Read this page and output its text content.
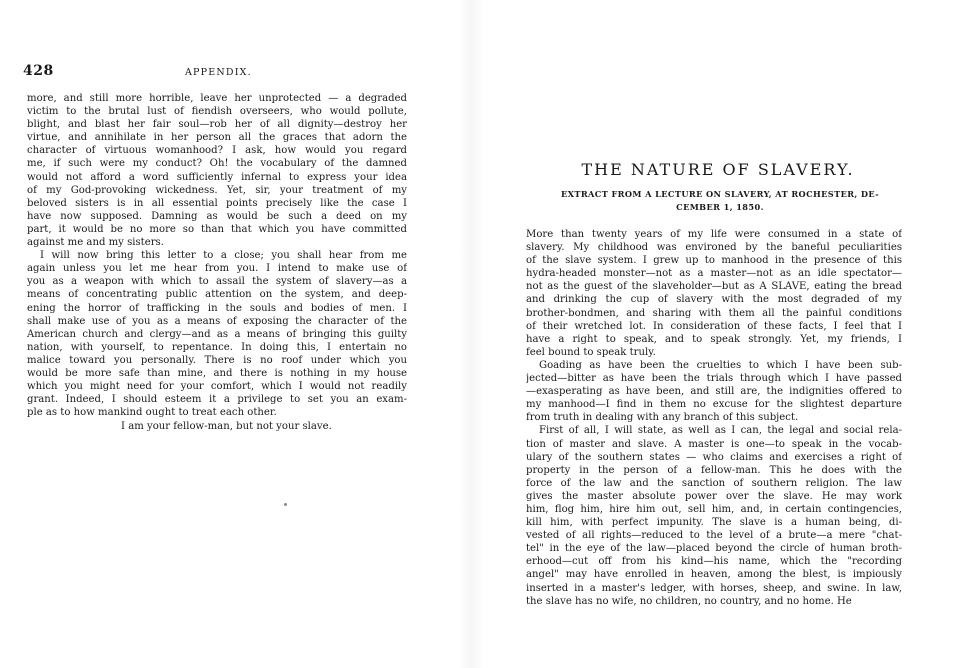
428	APPENDIX.
more, and still more horrible, leave her unprotected — a degraded
victim to the brutal lust of fiendish overseers, who would pollute,
blight, and blast her fair soul—rob her of all dignity—destroy her
virtue, and annihilate in her person all the graces that adorn the
character of virtuous womanhood? I ask, how would you regard
me, if such were my conduct? Oh! the vocabulary of the damned
would not afford a word sufficiently infernal to express your idea
of my God-provoking wickedness. Yet, sir, your treatment of my
beloved sisters is in all essential points precisely like the case I
have now supposed. Damning as would be such a deed on my
part, it would be no more so than that which you have committed
against me and my sisters.
I will now bring this letter to a close; you shall hear from me
again unless you let me hear from you. I intend to make use of
you as a weapon with which to assail the system of slavery—as a
means of concentrating public attention on the system, and deep-
ening the horror of trafficking in the souls and bodies of men. I
shall make use of you as a means of exposing the character of the
American church and clergy—and as a means of bringing this guilty
nation, with yourself, to repentance. In doing this, I entertain no
malice toward you personally. There is no roof under which you
would be more safe than mine, and there is nothing in my house
which you might need for your comfort, which I would not readily
grant. Indeed, I should esteem it a privilege to set you an exam-
ple as to how mankind ought to treat each other.
I am your fellow-man, but not your slave.
THE NATURE OF SLAVERY.
EXTRACT FROM A LECTURE ON SLAVERY, AT ROCHESTER, DE-
CEMBER 1, 1850.
More than twenty years of my life were consumed in a state of
slavery. My childhood was environed by the baneful peculiarities
of the slave system. I grew up to manhood in the presence of this
hydra-headed monster—not as a master—not as an idle spectator—
not as the guest of the slaveholder—but as A SLAVE, eating the bread
and drinking the cup of slavery with the most degraded of my
brother-bondmen, and sharing with them all the painful conditions
of their wretched lot. In consideration of these facts, I feel that I
have a right to speak, and to speak strongly. Yet, my friends, I
feel bound to speak truly.
Goading as have been the cruelties to which I have been sub-
jected—bitter as have been the trials through which I have passed
—exasperating as have been, and still are, the indignities offered to
my manhood—I find in them no excuse for the slightest departure
from truth in dealing with any branch of this subject.
First of all, I will state, as well as I can, the legal and social rela-
tion of master and slave. A master is one—to speak in the vocab-
ulary of the southern states — who claims and exercises a right of
property in the person of a fellow-man. This he does with the
force of the law and the sanction of southern religion. The law
gives the master absolute power over the slave. He may work
him, flog him, hire him out, sell him, and, in certain contingencies,
kill him, with perfect impunity. The slave is a human being, di-
vested of all rights—reduced to the level of a brute—a mere "chat-
tel" in the eye of the law—placed beyond the circle of human broth-
erhood—cut off from his kind—his name, which the "recording
angel" may have enrolled in heaven, among the blest, is impiously
inserted in a master's ledger, with horses, sheep, and swine. In law,
the slave has no wife, no children, no country, and no home. He
